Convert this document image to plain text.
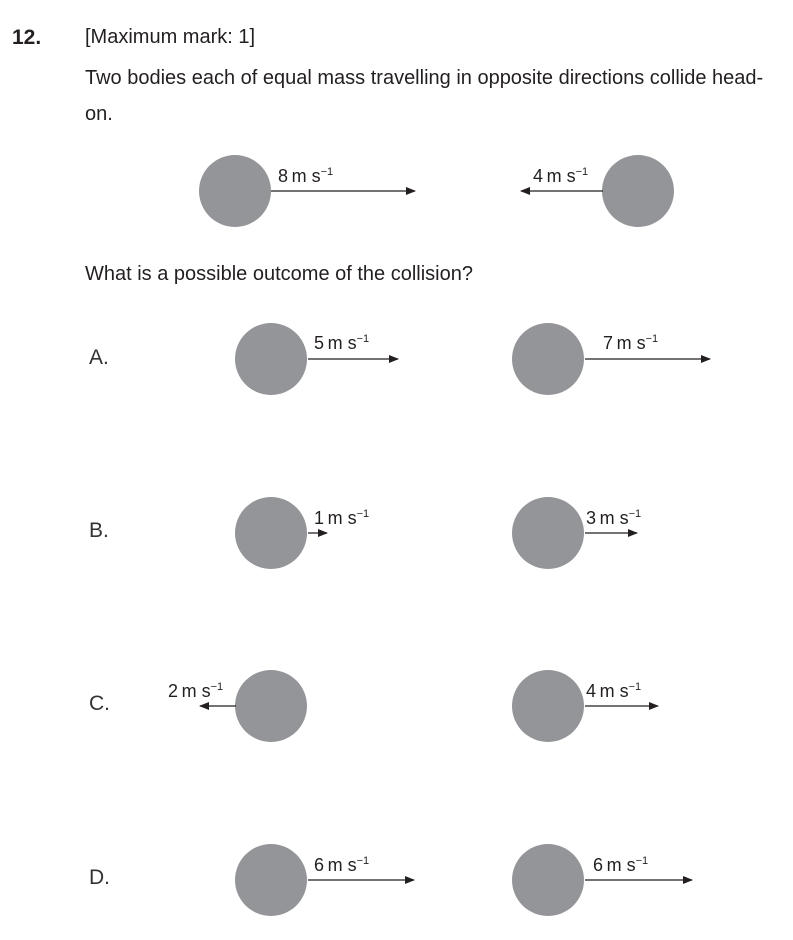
12. [Maximum mark: 1]
Two bodies each of equal mass travelling in opposite directions collide head-on.
What is a possible outcome of the collision?
A.
B.
C.
D.
8 m $s^{-1}$	4 m $s^{-1}$
5 m $s^{-1}$	7 m $s^{-1}$
1 m $s^{-1}$	3 m $s^{-1}$
2 m $s^{-1}$	4 m $s^{-1}$
6 m $s^{-1}$	6 m $s^{-1}$
